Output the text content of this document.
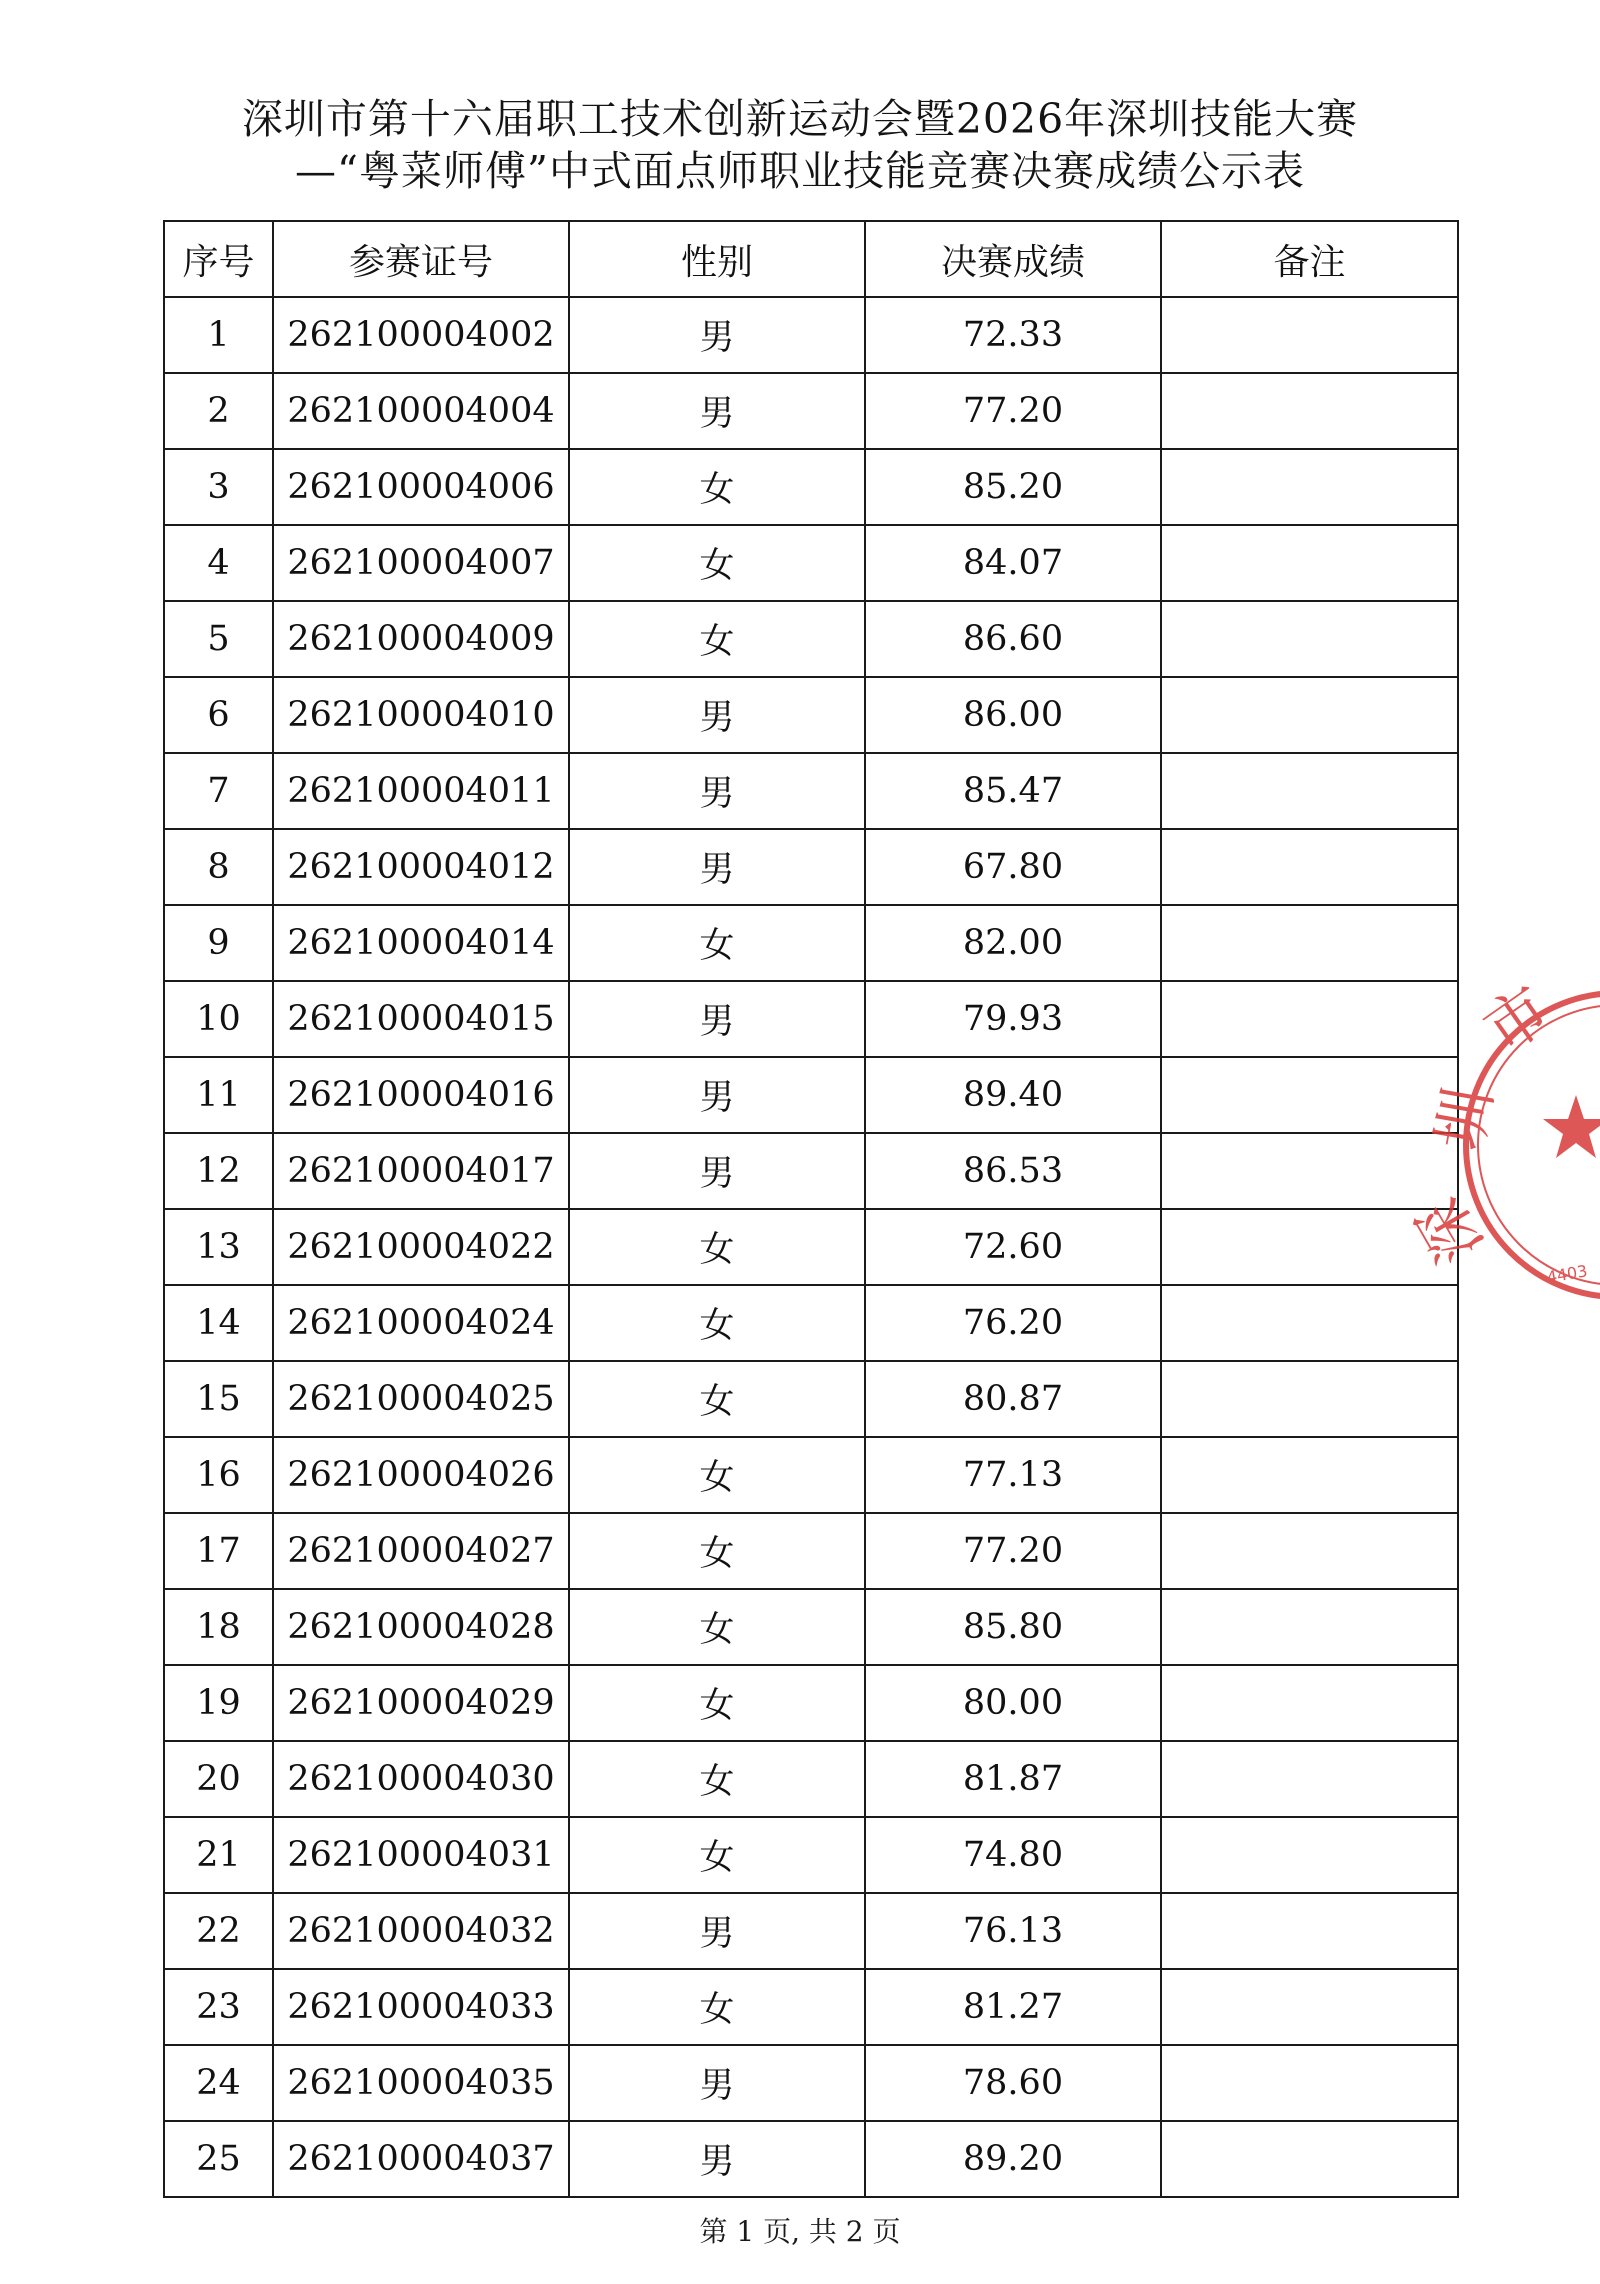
深圳市第十六届职工技术创新运动会暨2026年深圳技能大赛
—“粤菜师傅”中式面点师职业技能竞赛决赛成绩公示表
序号	参赛证号	性别	决赛成绩	备注
1	262100004002	男	72.33	
2	262100004004	男	77.20	
3	262100004006	女	85.20	
4	262100004007	女	84.07	
5	262100004009	女	86.60	
6	262100004010	男	86.00	
7	262100004011	男	85.47	
8	262100004012	男	67.80	
9	262100004014	女	82.00	
10	262100004015	男	79.93	
11	262100004016	男	89.40	
12	262100004017	男	86.53	
13	262100004022	女	72.60	
14	262100004024	女	76.20	
15	262100004025	女	80.87	
16	262100004026	女	77.13	
17	262100004027	女	77.20	
18	262100004028	女	85.80	
19	262100004029	女	80.00	
20	262100004030	女	81.87	
21	262100004031	女	74.80	
22	262100004032	男	76.13	
23	262100004033	女	81.27	
24	262100004035	男	78.60	
25	262100004037	男	89.20	
第 1 页, 共 2 页
市
圳
深	4403
